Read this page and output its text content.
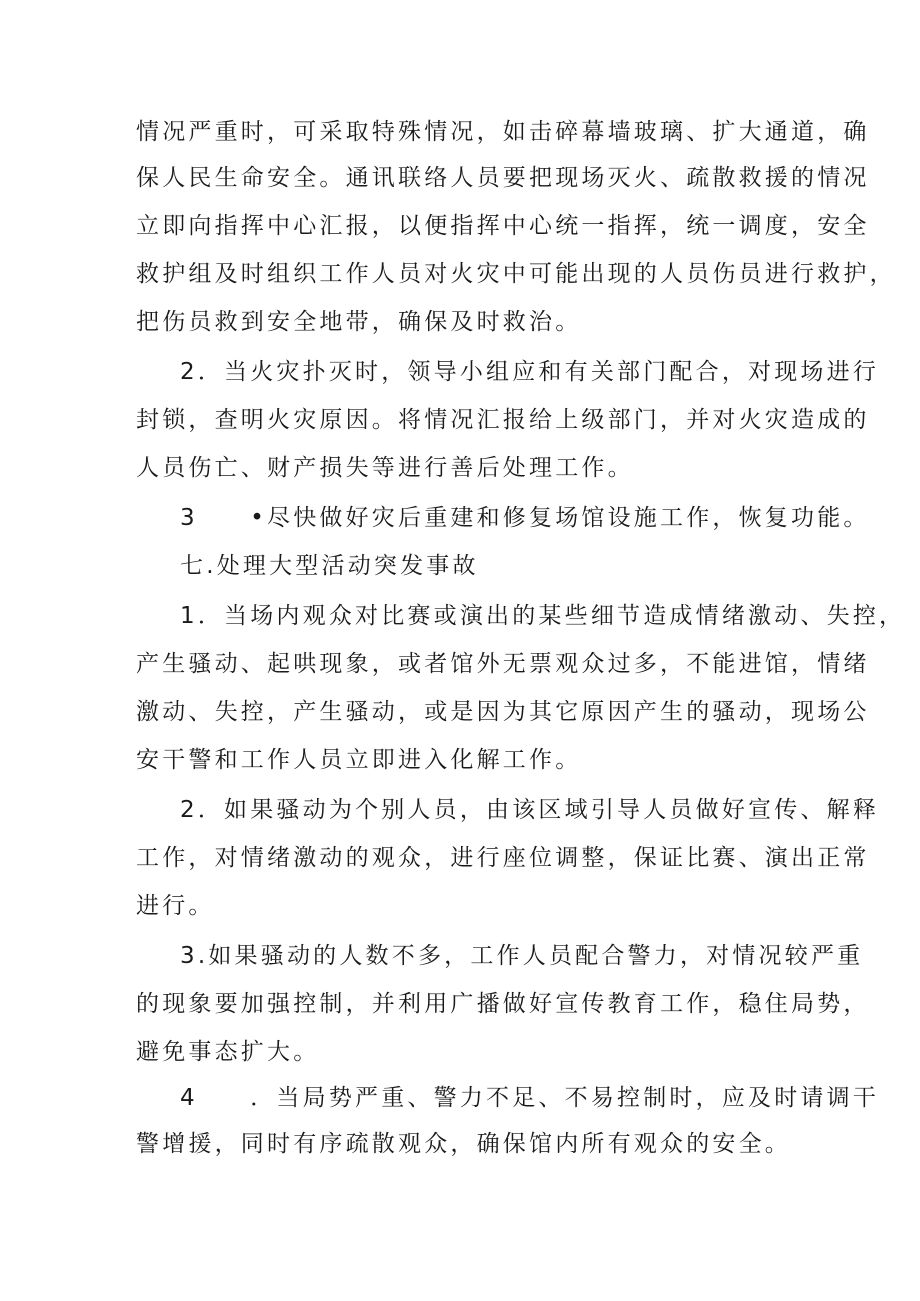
情况严重时，可采取特殊情况，如击碎幕墙玻璃、扩大通道，确
保人民生命安全。通讯联络人员要把现场灭火、疏散救援的情况
立即向指挥中心汇报，以便指挥中心统一指挥，统一调度，安全
救护组及时组织工作人员对火灾中可能出现的人员伤员进行救护，
把伤员救到安全地带，确保及时救治。
2．当火灾扑灭时，领导小组应和有关部门配合，对现场进行
封锁，查明火灾原因。将情况汇报给上级部门，并对火灾造成的
人员伤亡、财产损失等进行善后处理工作。
3　　•尽快做好灾后重建和修复场馆设施工作，恢复功能。
七.处理大型活动突发事故
1．当场内观众对比赛或演出的某些细节造成情绪激动、失控，
产生骚动、起哄现象，或者馆外无票观众过多，不能进馆，情绪
激动、失控，产生骚动，或是因为其它原因产生的骚动，现场公
安干警和工作人员立即进入化解工作。
2．如果骚动为个别人员，由该区域引导人员做好宣传、解释
工作，对情绪激动的观众，进行座位调整，保证比赛、演出正常
进行。
3.如果骚动的人数不多，工作人员配合警力，对情况较严重
的现象要加强控制，并利用广播做好宣传教育工作，稳住局势，
避免事态扩大。
4　　．当局势严重、警力不足、不易控制时，应及时请调干
警增援，同时有序疏散观众，确保馆内所有观众的安全。
